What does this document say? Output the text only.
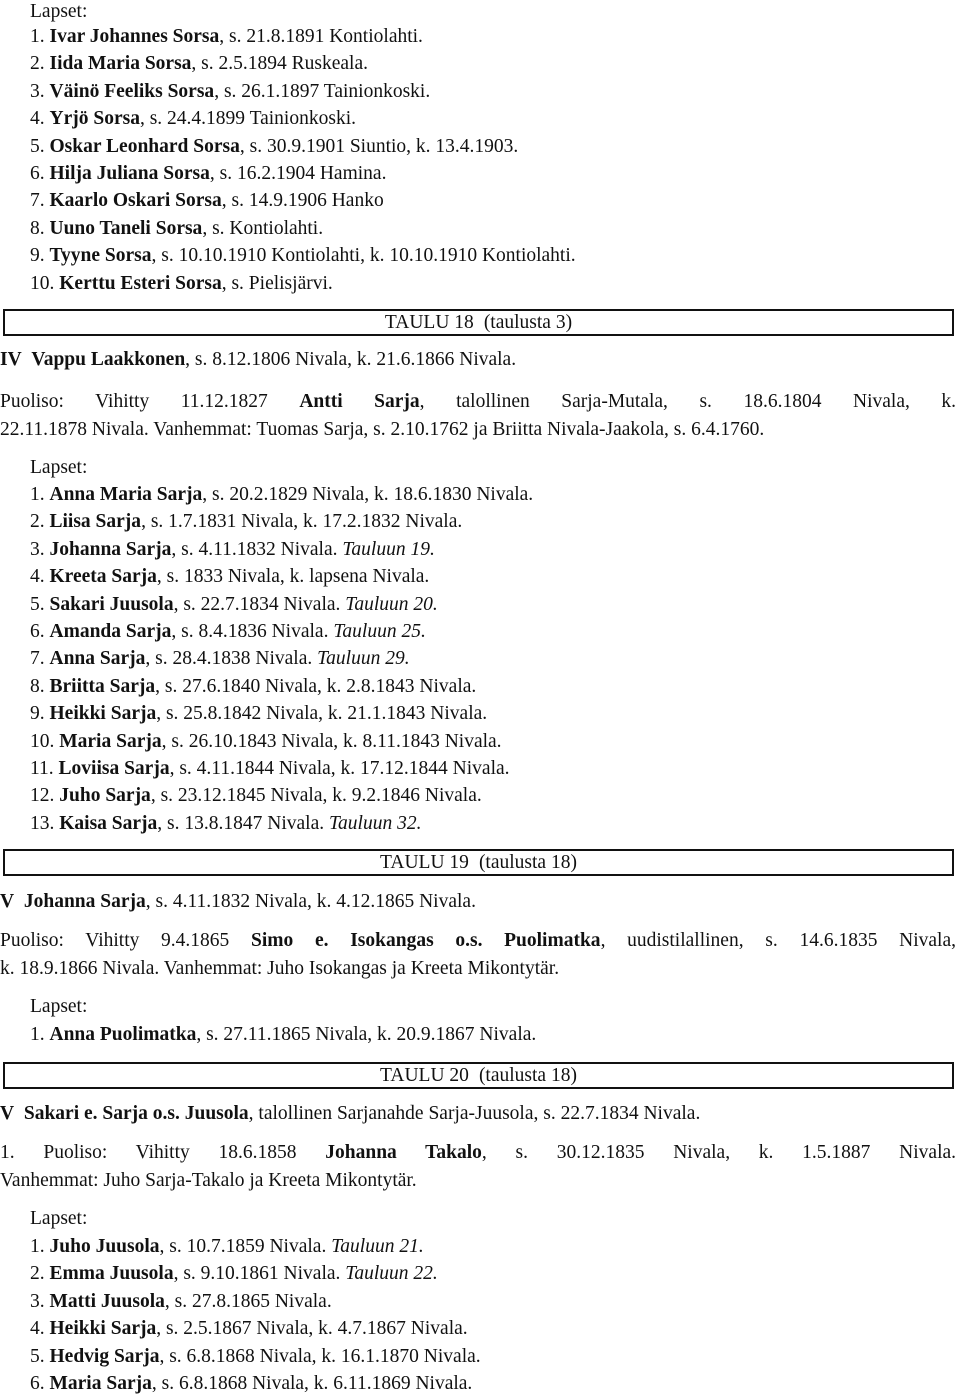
Lapset:
1. Ivar Johannes Sorsa, s. 21.8.1891 Kontiolahti.
2. Iida Maria Sorsa, s. 2.5.1894 Ruskeala.
3. Väinö Feeliks Sorsa, s. 26.1.1897 Tainionkoski.
4. Yrjö Sorsa, s. 24.4.1899 Tainionkoski.
5. Oskar Leonhard Sorsa, s. 30.9.1901 Siuntio, k. 13.4.1903.
6. Hilja Juliana Sorsa, s. 16.2.1904 Hamina.
7. Kaarlo Oskari Sorsa, s. 14.9.1906 Hanko
8. Uuno Taneli Sorsa, s. Kontiolahti.
9. Tyyne Sorsa, s. 10.10.1910 Kontiolahti, k. 10.10.1910 Kontiolahti.
10. Kerttu Esteri Sorsa, s. Pielisjärvi.
TAULU 18 (taulusta 3)
IV Vappu Laakkonen, s. 8.12.1806 Nivala, k. 21.6.1866 Nivala.
Puoliso: Vihitty 11.12.1827 Antti Sarja, talollinen Sarja-Mutala, s. 18.6.1804 Nivala, k.
22.11.1878 Nivala. Vanhemmat: Tuomas Sarja, s. 2.10.1762 ja Briitta Nivala-Jaakola, s. 6.4.1760.
Lapset:
1. Anna Maria Sarja, s. 20.2.1829 Nivala, k. 18.6.1830 Nivala.
2. Liisa Sarja, s. 1.7.1831 Nivala, k. 17.2.1832 Nivala.
3. Johanna Sarja, s. 4.11.1832 Nivala. Tauluun 19.
4. Kreeta Sarja, s. 1833 Nivala, k. lapsena Nivala.
5. Sakari Juusola, s. 22.7.1834 Nivala. Tauluun 20.
6. Amanda Sarja, s. 8.4.1836 Nivala. Tauluun 25.
7. Anna Sarja, s. 28.4.1838 Nivala. Tauluun 29.
8. Briitta Sarja, s. 27.6.1840 Nivala, k. 2.8.1843 Nivala.
9. Heikki Sarja, s. 25.8.1842 Nivala, k. 21.1.1843 Nivala.
10. Maria Sarja, s. 26.10.1843 Nivala, k. 8.11.1843 Nivala.
11. Loviisa Sarja, s. 4.11.1844 Nivala, k. 17.12.1844 Nivala.
12. Juho Sarja, s. 23.12.1845 Nivala, k. 9.2.1846 Nivala.
13. Kaisa Sarja, s. 13.8.1847 Nivala. Tauluun 32.
TAULU 19 (taulusta 18)
V Johanna Sarja, s. 4.11.1832 Nivala, k. 4.12.1865 Nivala.
Puoliso: Vihitty 9.4.1865 Simo e. Isokangas o.s. Puolimatka, uudistilallinen, s. 14.6.1835 Nivala,
k. 18.9.1866 Nivala. Vanhemmat: Juho Isokangas ja Kreeta Mikontytär.
Lapset:
1. Anna Puolimatka, s. 27.11.1865 Nivala, k. 20.9.1867 Nivala.
TAULU 20 (taulusta 18)
V Sakari e. Sarja o.s. Juusola, talollinen Sarjanahde Sarja-Juusola, s. 22.7.1834 Nivala.
1. Puoliso: Vihitty 18.6.1858 Johanna Takalo, s. 30.12.1835 Nivala, k. 1.5.1887 Nivala.
Vanhemmat: Juho Sarja-Takalo ja Kreeta Mikontytär.
Lapset:
1. Juho Juusola, s. 10.7.1859 Nivala. Tauluun 21.
2. Emma Juusola, s. 9.10.1861 Nivala. Tauluun 22.
3. Matti Juusola, s. 27.8.1865 Nivala.
4. Heikki Sarja, s. 2.5.1867 Nivala, k. 4.7.1867 Nivala.
5. Hedvig Sarja, s. 6.8.1868 Nivala, k. 16.1.1870 Nivala.
6. Maria Sarja, s. 6.8.1868 Nivala, k. 6.11.1869 Nivala.
